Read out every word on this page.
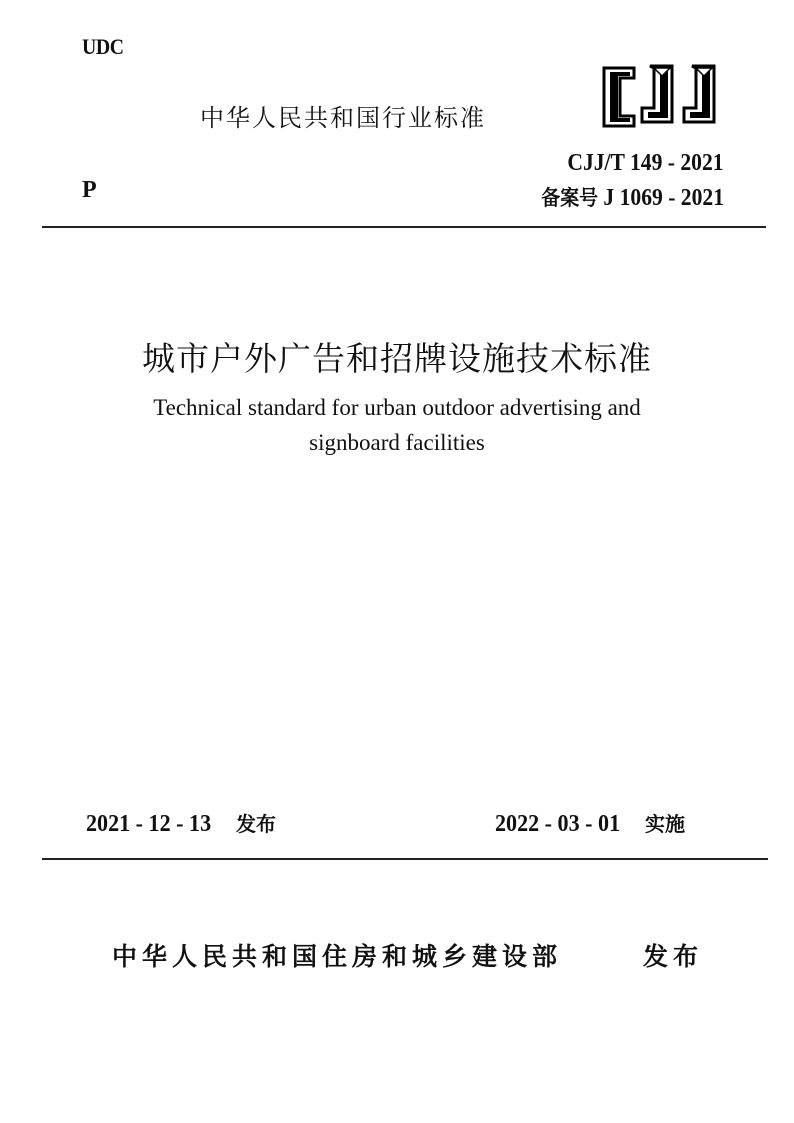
UDC
P
中华人民共和国行业标准
CJJ/T 149 - 2021
备案号 J 1069 - 2021
城市户外广告和招牌设施技术标准
Technical standard for urban outdoor advertising and
signboard facilities
2021 - 12 - 13 发布	2022 - 03 - 01 实施
中华人民共和国住房和城乡建设部	发布
